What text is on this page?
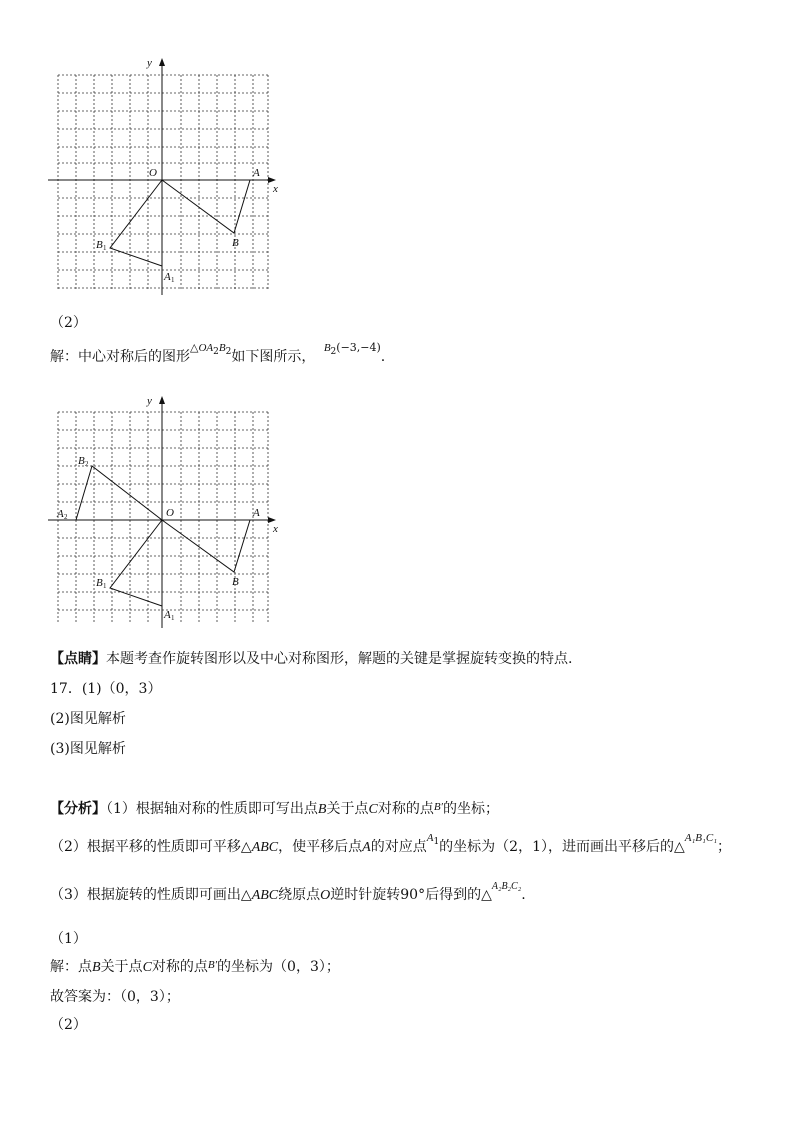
y
x
O	A
B
B 1
A 1
（2）
解：中心对称后的图形$^{\triangle OA_2B_2}$如下图所示， $^{B_2(-3,-4)}$.
y
x
O	A
B
B 1
A 1
B 2
A 2
【点睛】本题考查作旋转图形以及中心对称图形，解题的关键是掌握旋转变换的特点.
17．(1)（0，3）
(2)图见解析
(3)图见解析
【分析】（1）根据轴对称的性质即可写出点B关于点C对称的点$^{B'}$的坐标；
（2）根据平移的性质即可平移△ABC，使平移后点A的对应点$^{A_1}$的坐标为（2，1），进而画出平移后的△$^{A_1B_1C_1}$；
（3）根据旋转的性质即可画出△ABC绕原点O逆时针旋转90°后得到的△$^{A_2B_2C_2}$.
（1）
解：点B关于点C对称的点$^{B'}$的坐标为（0，3）；
故答案为：（0，3）；
（2）
